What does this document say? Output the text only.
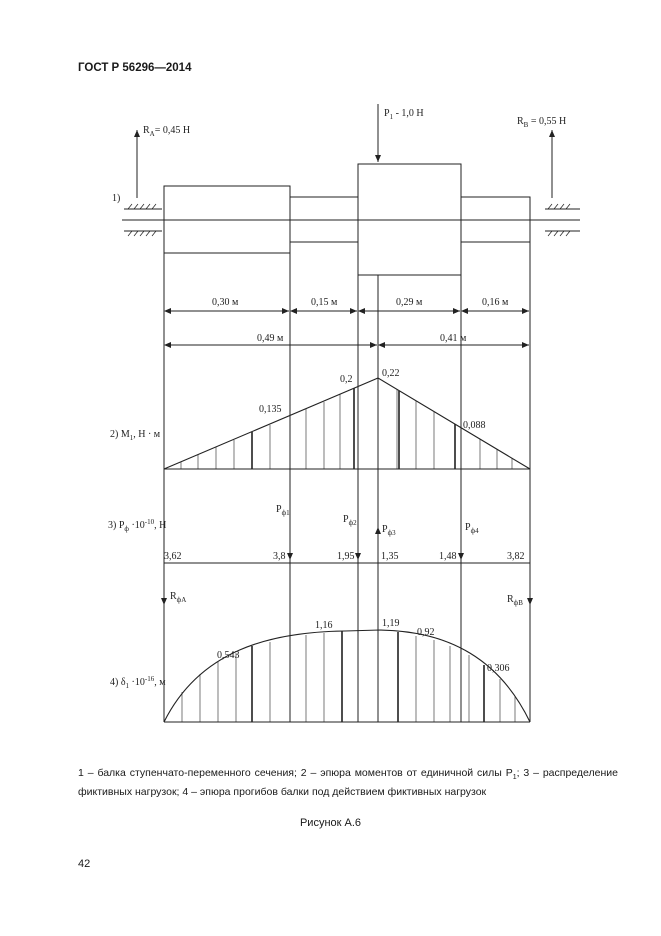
ГОСТ Р 56296—2014
$R_A= 0,45$ Н
$P_1 - 1,0$ Н
$R_B = 0,55$ Н
1)
0,30 м	0,15 м	0,29 м	0,16 м
0,49 м	0,41 м
0,135
0,2
0,22
0,088
2) $M_1$, Н · м
$P_{ф1}$
$P_{ф2}$
$P_{ф3}$	$P_{ф4}$
$R_{фA}$	$R_{фB}$
3,62	3,8	1,95	1,35	1,48	3,82
3) $P_ф \cdot 10^{-10}$, Н
0,543
1,16	1,19
0,92
0,306
4) $\delta_1 \cdot 10^{-16}$, м
1 – балка ступенчато-переменного сечения; 2 – эпюра моментов от единичной силы $P_1$; 3 – распределение фиктивных нагрузок; 4 – эпюра прогибов балки под действием фиктивных нагрузок
Рисунок А.6
42
